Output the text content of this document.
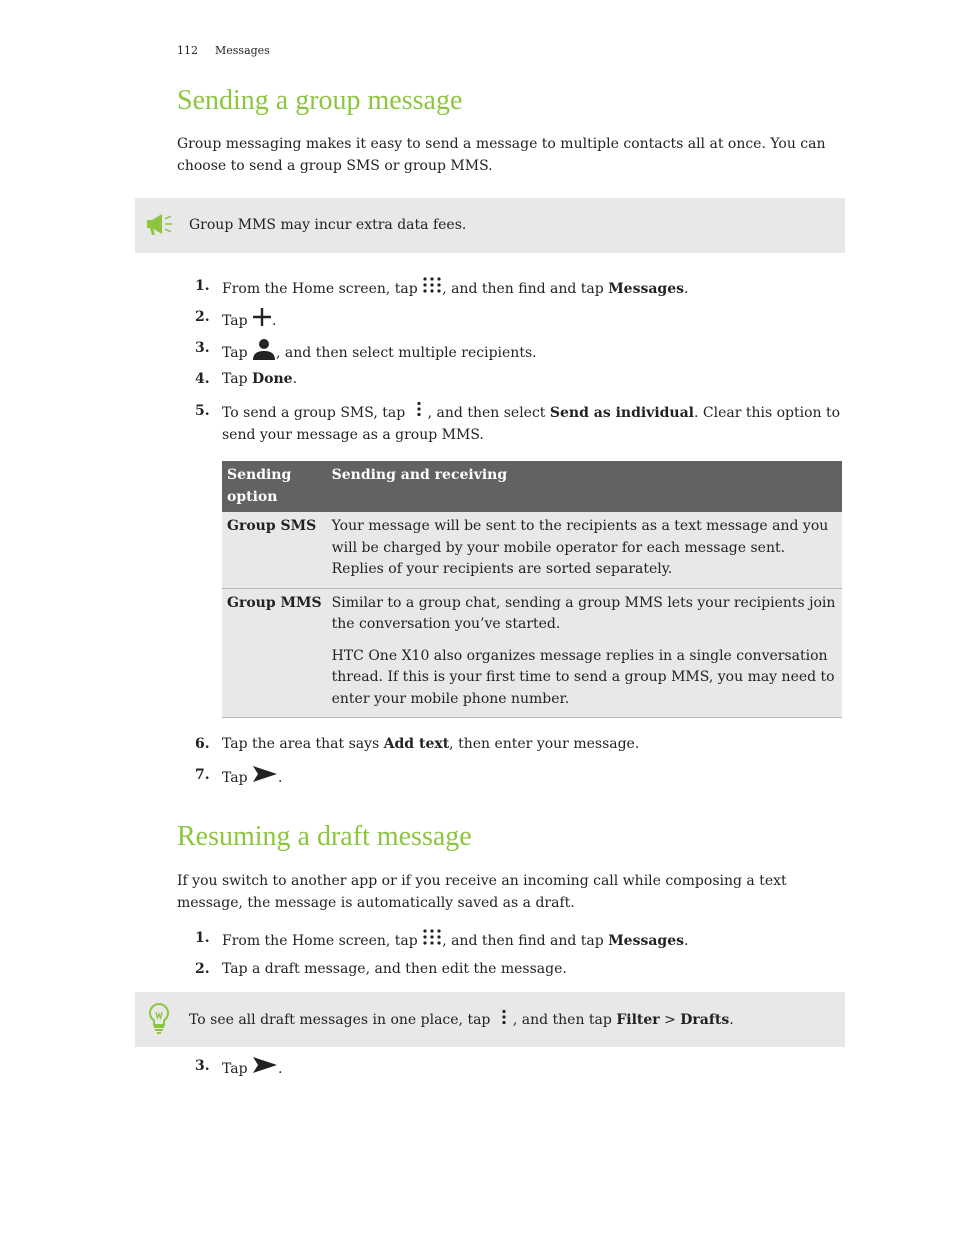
112 Messages
Sending a group message

Group messaging makes it easy to send a message to multiple contacts all at once. You can choose to send a group SMS or group MMS.

Group MMS may incur extra data fees.
1. From the Home screen, tap , and then find and tap Messages.
2. Tap .
3. Tap , and then select multiple recipients.
4. Tap Done.
5. To send a group SMS, tap , and then select Send as individual. Clear this option to send your message as a group MMS.
Sending option	Sending and receiving
Group SMS	Your message will be sent to the recipients as a text message and you will be charged by your mobile operator for each message sent. Replies of your recipients are sorted separately.

Group MMS	Similar to a group chat, sending a group MMS lets your recipients join the conversation you’ve started.

HTC One X10 also organizes message replies in a single conversation thread. If this is your first time to send a group MMS, you may need to enter your mobile phone number.

6. Tap the area that says Add text, then enter your message.
7. Tap .
Resuming a draft message

If you switch to another app or if you receive an incoming call while composing a text message, the message is automatically saved as a draft.

1. From the Home screen, tap , and then find and tap Messages.
2. Tap a draft message, and then edit the message.
To see all draft messages in one place, tap , and then tap Filter > Drafts.
3. Tap .
